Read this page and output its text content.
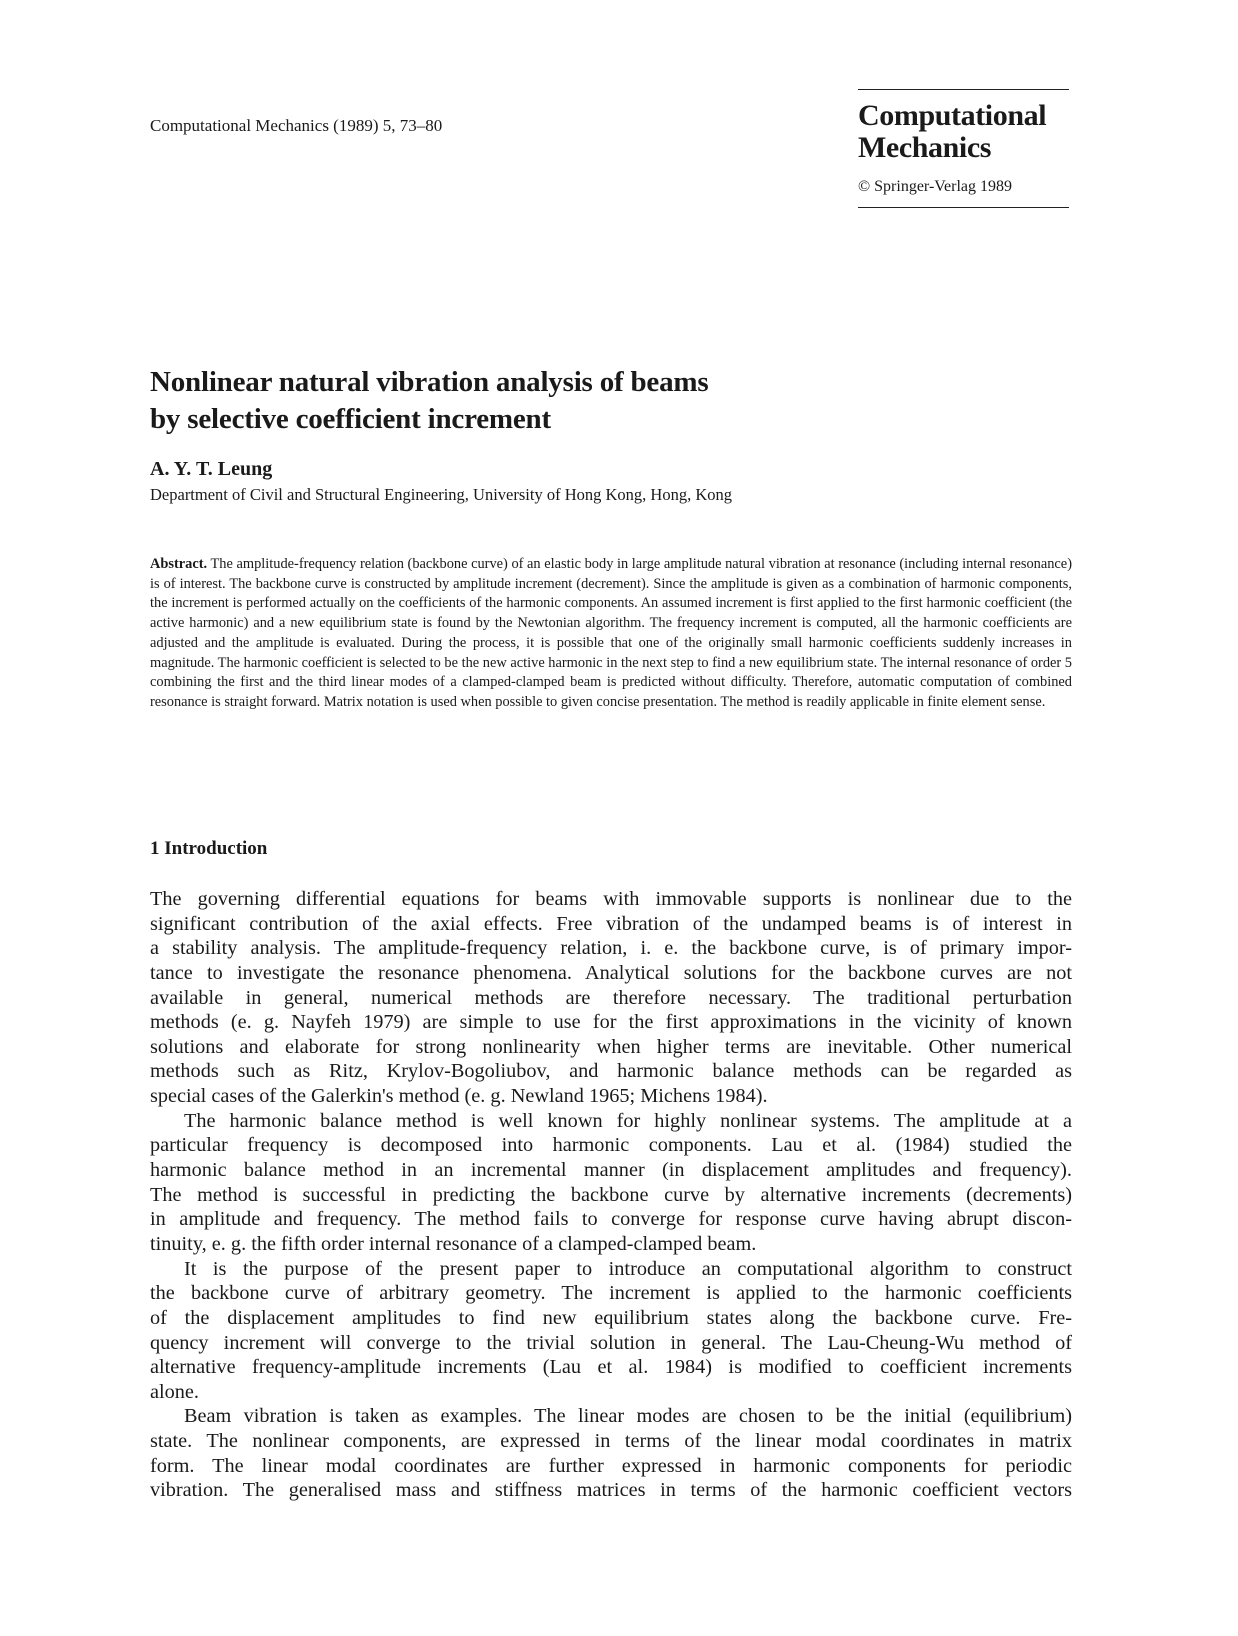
Computational Mechanics (1989) 5, 73–80	Computational Mechanics
© Springer-Verlag 1989
Nonlinear natural vibration analysis of beams
by selective coefficient increment
A. Y. T. Leung
Department of Civil and Structural Engineering, University of Hong Kong, Hong, Kong

Abstract. The amplitude-frequency relation (backbone curve) of an elastic body in large amplitude natural vibration at resonance (including internal resonance) is of interest. The backbone curve is constructed by amplitude increment (decrement). Since the amplitude is given as a combination of harmonic components, the increment is performed actually on the coefficients of the harmonic components. An assumed increment is first applied to the first harmonic coefficient (the active harmonic) and a new equilibrium state is found by the Newtonian algorithm. The frequency increment is computed, all the harmonic coefficients are adjusted and the amplitude is evaluated. During the process, it is possible that one of the originally small harmonic coefficients suddenly increases in magnitude. The harmonic coefficient is selected to be the new active harmonic in the next step to find a new equilibrium state. The internal resonance of order 5 combining the first and the third linear modes of a clamped-clamped beam is predicted without difficulty. Therefore, automatic computation of combined resonance is straight forward. Matrix notation is used when possible to given concise presentation. The method is readily applicable in finite element sense.

1 Introduction

The governing differential equations for beams with immovable supports is nonlinear due to the
significant contribution of the axial effects. Free vibration of the undamped beams is of interest in
a stability analysis. The amplitude-frequency relation, i. e. the backbone curve, is of primary impor-
tance to investigate the resonance phenomena. Analytical solutions for the backbone curves are not
available in general, numerical methods are therefore necessary. The traditional perturbation
methods (e. g. Nayfeh 1979) are simple to use for the first approximations in the vicinity of known
solutions and elaborate for strong nonlinearity when higher terms are inevitable. Other numerical
methods such as Ritz, Krylov-Bogoliubov, and harmonic balance methods can be regarded as
special cases of the Galerkin's method (e. g. Newland 1965; Michens 1984).

The harmonic balance method is well known for highly nonlinear systems. The amplitude at a
particular frequency is decomposed into harmonic components. Lau et al. (1984) studied the
harmonic balance method in an incremental manner (in displacement amplitudes and frequency).
The method is successful in predicting the backbone curve by alternative increments (decrements)
in amplitude and frequency. The method fails to converge for response curve having abrupt discon-
tinuity, e. g. the fifth order internal resonance of a clamped-clamped beam.

It is the purpose of the present paper to introduce an computational algorithm to construct
the backbone curve of arbitrary geometry. The increment is applied to the harmonic coefficients
of the displacement amplitudes to find new equilibrium states along the backbone curve. Fre-
quency increment will converge to the trivial solution in general. The Lau-Cheung-Wu method of
alternative frequency-amplitude increments (Lau et al. 1984) is modified to coefficient increments
alone.

Beam vibration is taken as examples. The linear modes are chosen to be the initial (equilibrium)
state. The nonlinear components, are expressed in terms of the linear modal coordinates in matrix
form. The linear modal coordinates are further expressed in harmonic components for periodic
vibration. The generalised mass and stiffness matrices in terms of the harmonic coefficient vectors
